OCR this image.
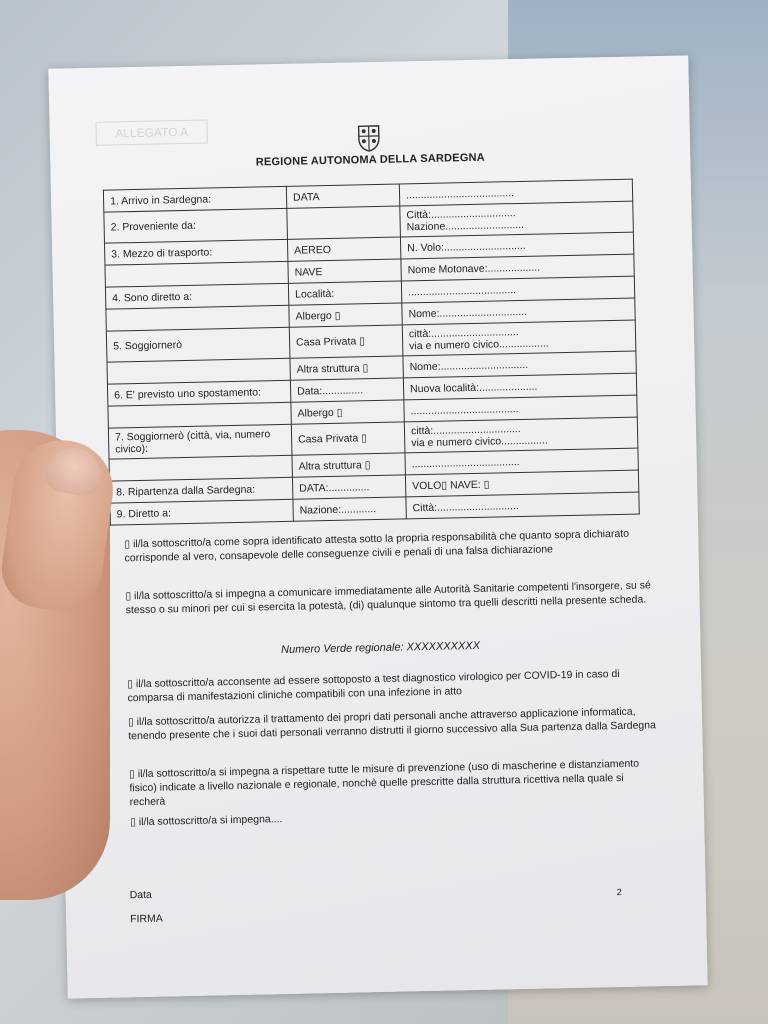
ALLEGATO A
REGIONE AUTONOMA DELLA SARDEGNA
1. Arrivo in Sardegna:	DATA	.....................................
2. Proveniente da:		Città:.............................
Nazione...........................
3. Mezzo di trasporto:	AEREO	N. Volo:............................
	NAVE	Nome Motonave:..................
4. Sono diretto a:	Località:	.....................................
	Albergo ▯	Nome:..............................
5. Soggiornerò	Casa Privata ▯	città:..............................
via e numero civico.................
	Altra struttura ▯	Nome:..............................
6. E' previsto uno spostamento:	Data:..............	Nuova località:....................
	Albergo ▯	.....................................
7. Soggiornerò (città, via, numero civico):	Casa Privata ▯	città:..............................
via e numero civico................
	Altra struttura ▯	.....................................
8. Ripartenza dalla Sardegna:	DATA:..............	VOLO▯ NAVE: ▯
9. Diretto a:	Nazione:............	Città:............................
▯ il/la sottoscritto/a come sopra identificato attesta sotto la propria responsabilità che quanto sopra dichiarato corrisponde al vero, consapevole delle conseguenze civili e penali di una falsa dichiarazione
▯ il/la sottoscritto/a si impegna a comunicare immediatamente alle Autorità Sanitarie competenti l'insorgere, su sé stesso o su minori per cui si esercita la potestà, (di) qualunque sintomo tra quelli descritti nella presente scheda.
Numero Verde regionale: XXXXXXXXXX
▯ il/la sottoscritto/a acconsente ad essere sottoposto a test diagnostico virologico per COVID-19 in caso di comparsa di manifestazioni cliniche compatibili con una infezione in atto
▯ il/la sottoscritto/a autorizza il trattamento dei propri dati personali anche attraverso applicazione informatica, tenendo presente che i suoi dati personali verranno distrutti il giorno successivo alla Sua partenza dalla Sardegna
▯ il/la sottoscritto/a si impegna a rispettare tutte le misure di prevenzione (uso di mascherine e distanziamento fisico) indicate a livello nazionale e regionale, nonchè quelle prescritte dalla struttura ricettiva nella quale si recherà
▯ il/la sottoscritto/a si impegna....
Data
FIRMA
2
